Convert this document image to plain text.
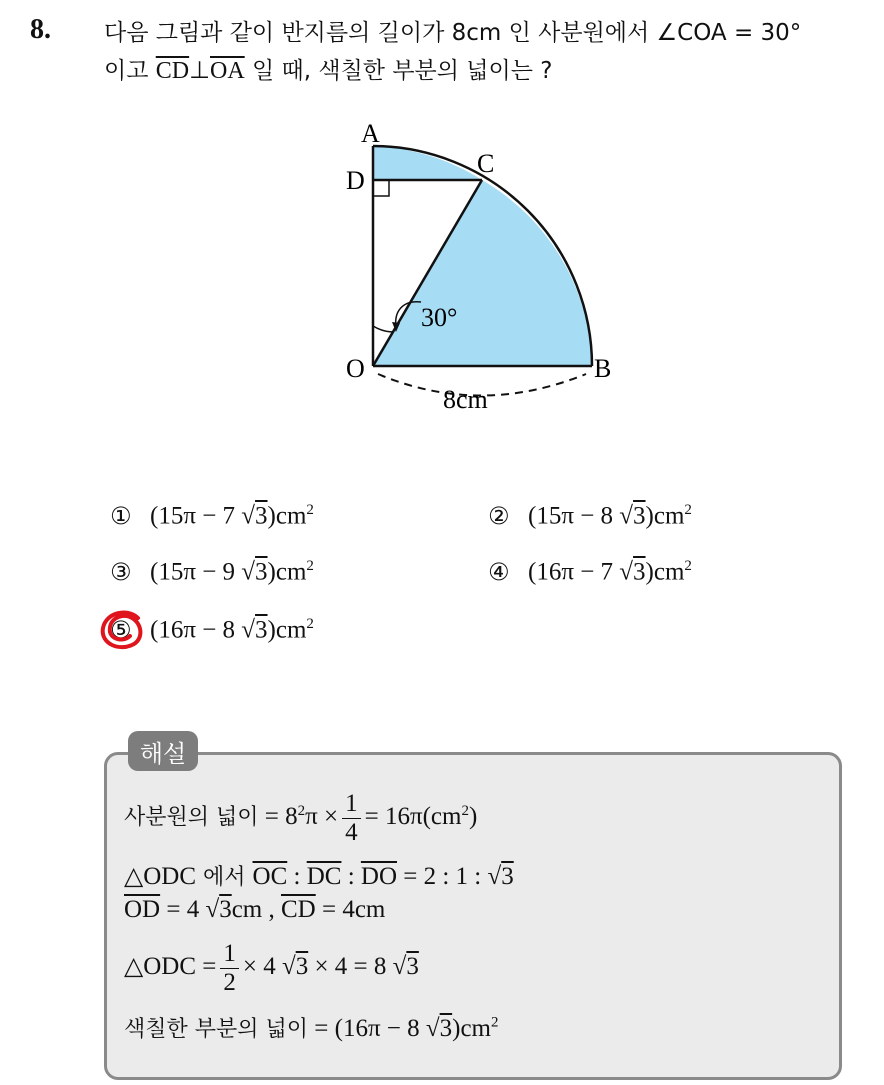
8. 다음 그림과 같이 반지름의 길이가 8cm 인 사분원에서 ∠COA = 30°
이고 $\overline{CD}\perp\overline{OA}$ 일 때, 색칠한 부분의 넓이는 ?
A
D
C
O	B
30°
8cm
① (15π − 7 $√3)cm^2$	② (15π − 8 $√3)cm^2$
③ (15π − 9 $√3)cm^2$	④ (16π − 7 $√3)cm^2$
⑤ (16π − 8 $√3)cm^2$
해설
사분원의 넓이 = $8^2\pi \times \frac{1}{4} = 16\pi(cm^2)$
△ODC 에서 $\overline{OC}$ : $\overline{DC}$ : $\overline{DO} = 2$ : 1 : √3
$\overline{OD} = 4$ √3cm , $\overline{CD} = 4cm$
△ODC = $\frac{1}{2} \times 4$ √3 × 4 = 8 √3
색칠한 부분의 넓이 = (16π − 8 $√3)cm^2$
